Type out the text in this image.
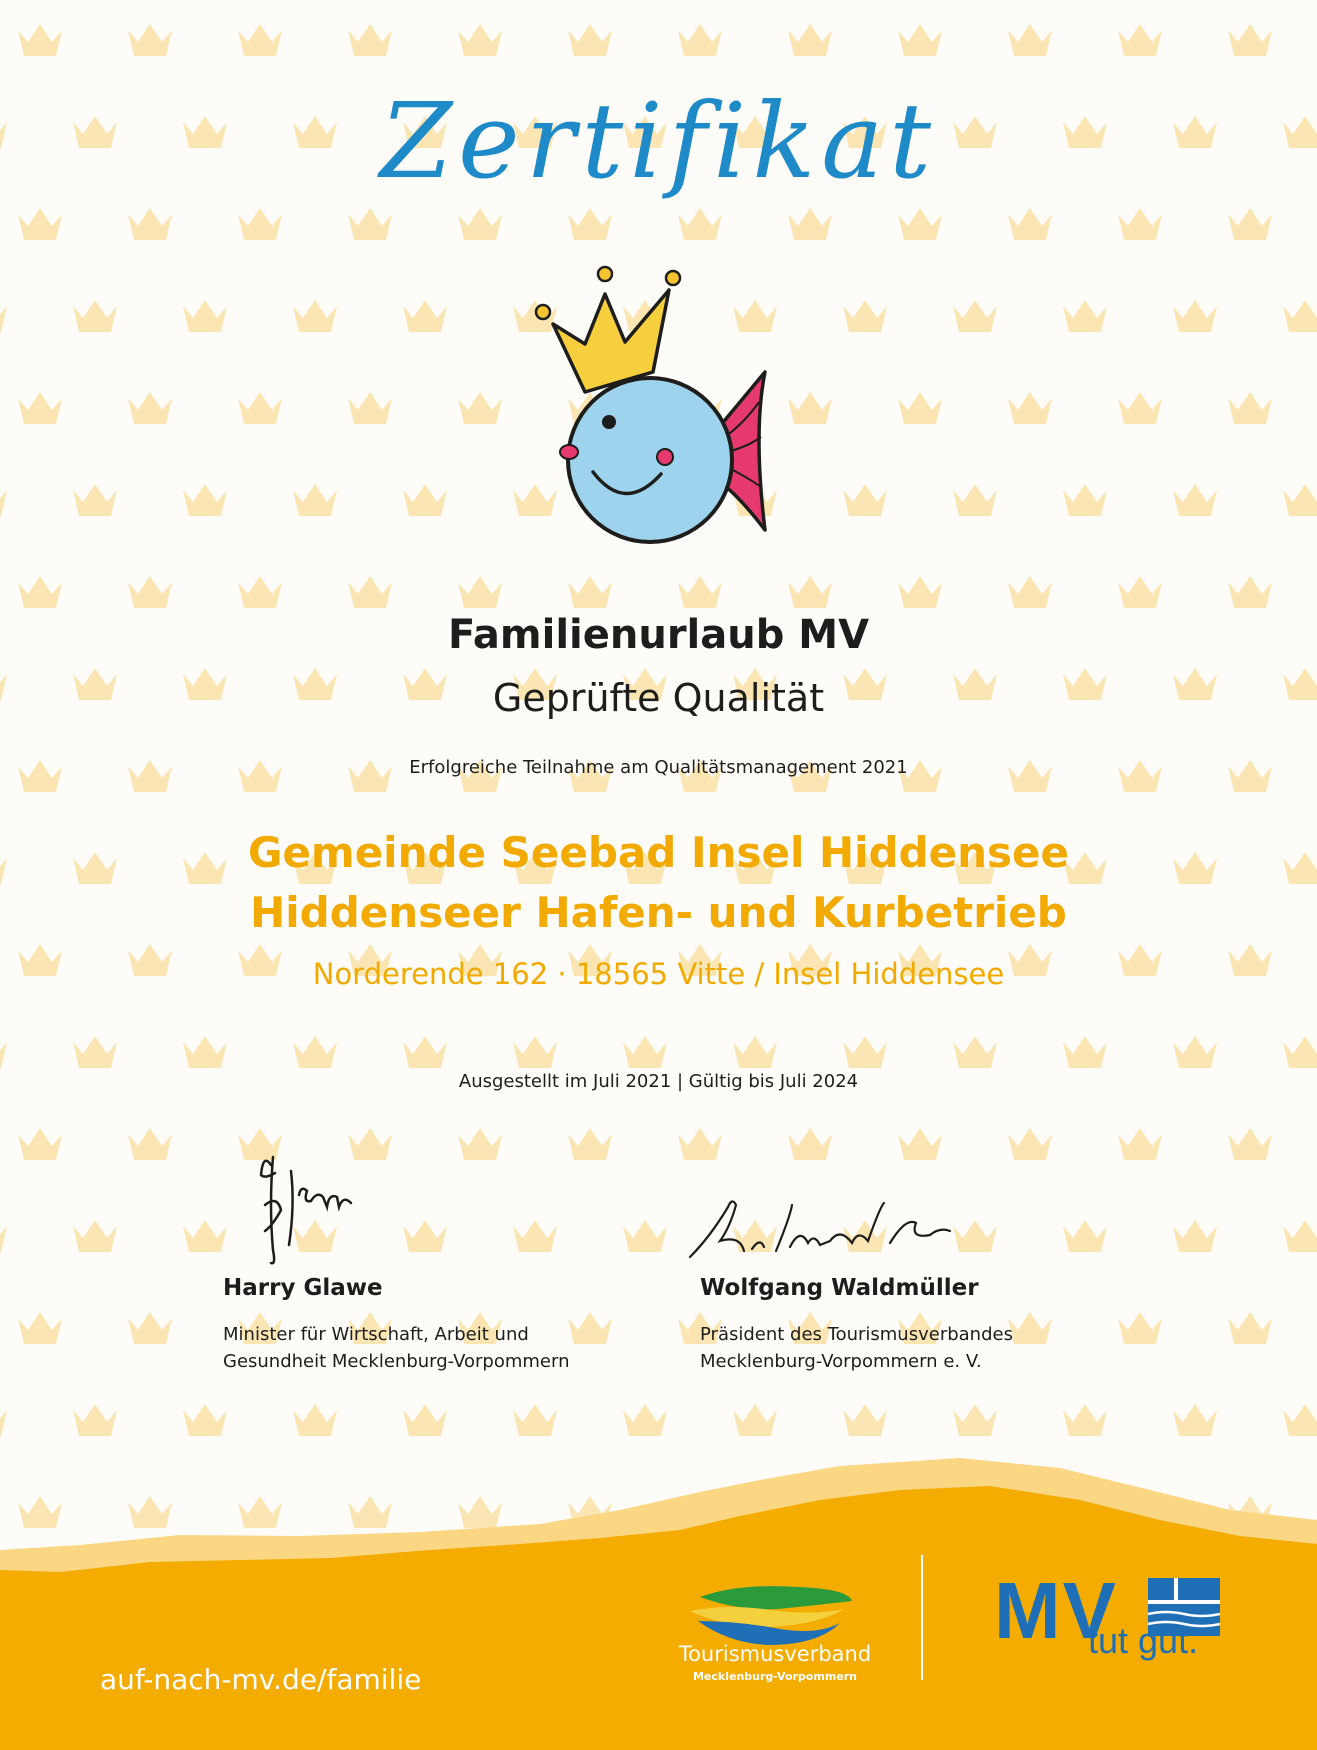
Zertifikat
Familienurlaub MV
Geprüfte Qualität
Erfolgreiche Teilnahme am Qualitätsmanagement 2021
Gemeinde Seebad Insel Hiddensee
Hiddenseer Hafen- und Kurbetrieb
Norderende 162 · 18565 Vitte / Insel Hiddensee
Ausgestellt im Juli 2021 | Gültig bis Juli 2024
Harry Glawe
Minister für Wirtschaft, Arbeit und
Gesundheit Mecklenburg-Vorpommern
Wolfgang Waldmüller
Präsident des Tourismusverbandes
Mecklenburg-Vorpommern e. V.
auf-nach-mv.de/familie
Tourismusverband
Mecklenburg-Vorpommern
MV
tut gut.
